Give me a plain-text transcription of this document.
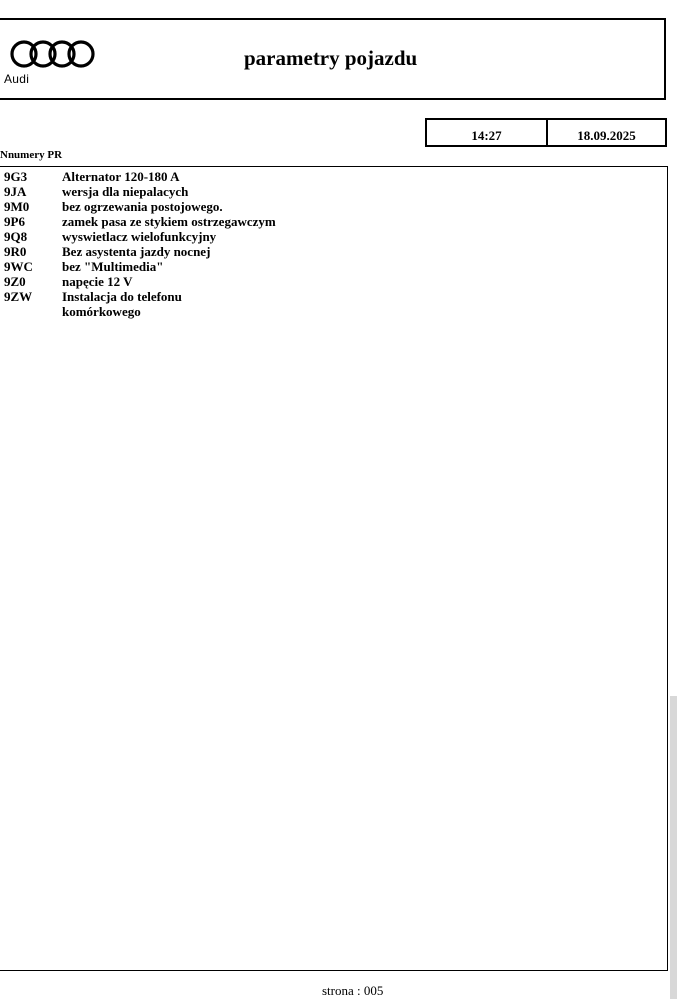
Audi
parametry pojazdu
14:27	18.09.2025
Nnumery PR
9G3	Alternator 120-180 A
9JA	wersja dla niepalacych
9M0	bez ogrzewania postojowego.
9P6	zamek pasa ze stykiem ostrzegawczym
9Q8	wyswietlacz wielofunkcyjny
9R0	Bez asystenta jazdy nocnej
9WC	bez "Multimedia"
9Z0	napęcie 12 V
9ZW	Instalacja do telefonu
komórkowego
strona : 005
